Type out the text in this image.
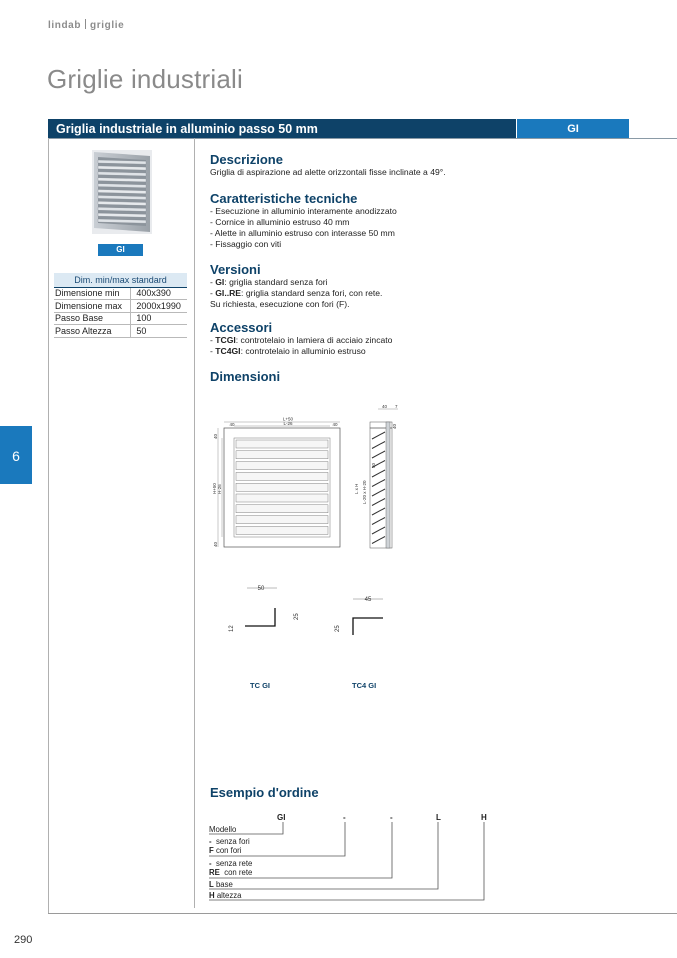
lindab griglie
Griglie industriali
Griglia industriale in alluminio passo 50 mm	GI
6
290
GI
Dim. min/max standard	
Dimensione min	400x390
Dimensione max	2000x1990
Passo Base	100
Passo Altezza	50
Descrizione

Griglia di aspirazione ad alette orizzontali fisse inclinate a 49°.

Caratteristiche tecniche

- Esecuzione in alluminio interamente anodizzato

- Cornice in alluminio estruso 40 mm

- Alette in alluminio estruso con interasse 50 mm

- Fissaggio con viti

Versioni

- GI: griglia standard senza fori

- GI..RE: griglia standard senza fori, con rete.

Su richiesta, esecuzione con fori (F).

Accessori

- TCGI: controtelaio in lamiera di acciaio zincato

- TC4GI: controtelaio in alluminio estruso

Dimensioni
L+50
L-26
40	40
40
40
H+50 H-26
40 7
40
L x H L-20 x H-20
50
50
12
25
45
25
TC GI	TC4 GI
Esempio d'ordine
GI	-	-	L	H
Modello
- senza fori
F con fori
- senza rete
RE con rete
L base
H altezza
